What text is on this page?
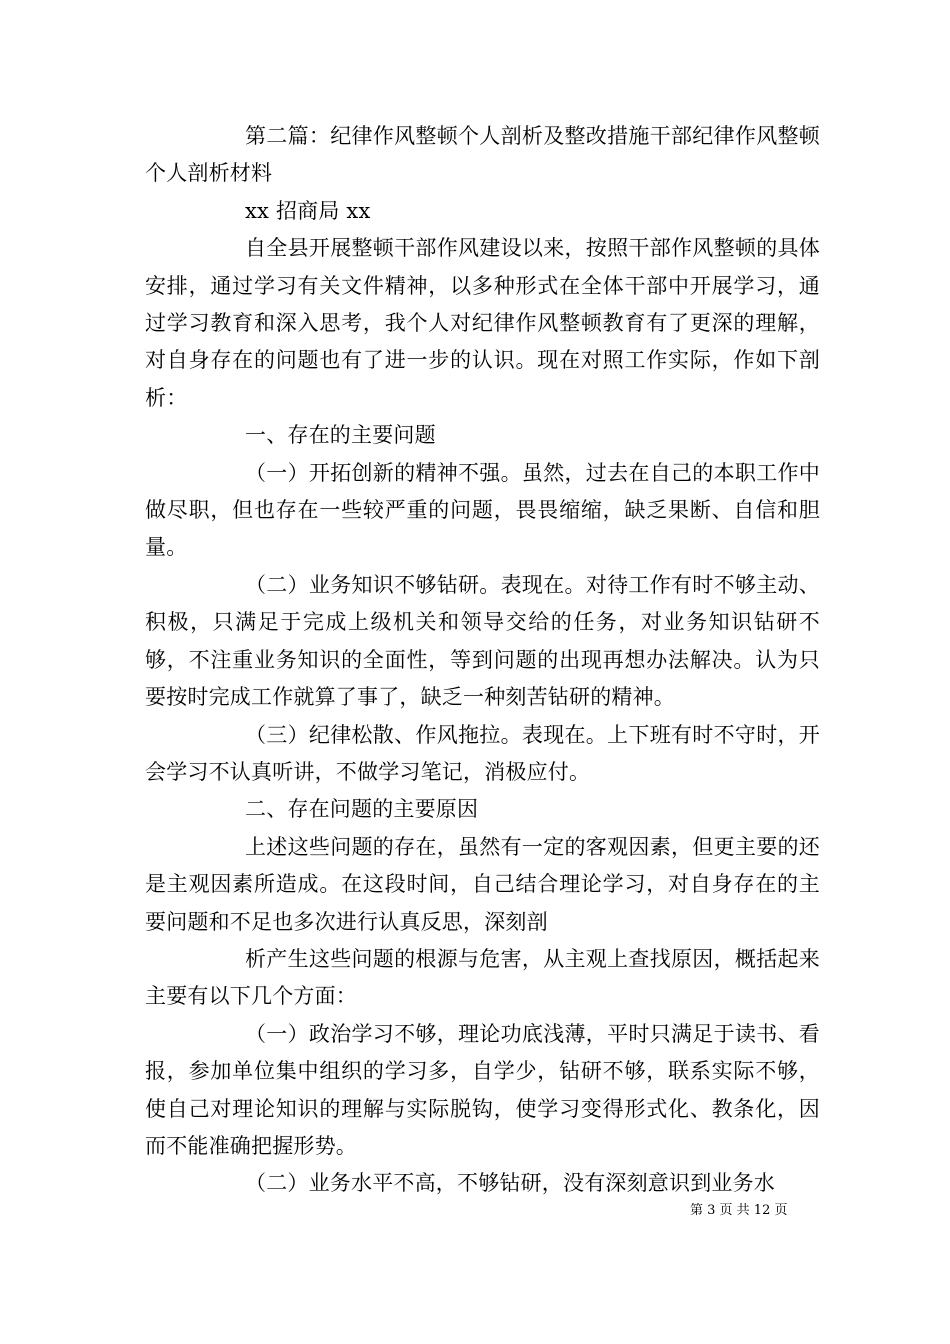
第二篇：纪律作风整顿个人剖析及整改措施干部纪律作风整顿个人剖析材料

xx 招商局 xx

自全县开展整顿干部作风建设以来，按照干部作风整顿的具体安排，通过学习有关文件精神，以多种形式在全体干部中开展学习，通过学习教育和深入思考，我个人对纪律作风整顿教育有了更深的理解，对自身存在的问题也有了进一步的认识。现在对照工作实际，作如下剖析：

一、存在的主要问题

（一）开拓创新的精神不强。虽然，过去在自己的本职工作中做尽职，但也存在一些较严重的问题，畏畏缩缩，缺乏果断、自信和胆量。

（二）业务知识不够钻研。表现在。对待工作有时不够主动、积极，只满足于完成上级机关和领导交给的任务，对业务知识钻研不够，不注重业务知识的全面性，等到问题的出现再想办法解决。认为只要按时完成工作就算了事了，缺乏一种刻苦钻研的精神。

（三）纪律松散、作风拖拉。表现在。上下班有时不守时，开会学习不认真听讲，不做学习笔记，消极应付。

二、存在问题的主要原因

上述这些问题的存在，虽然有一定的客观因素，但更主要的还是主观因素所造成。在这段时间，自己结合理论学习，对自身存在的主要问题和不足也多次进行认真反思，深刻剖

析产生这些问题的根源与危害，从主观上查找原因，概括起来主要有以下几个方面：

（一）政治学习不够，理论功底浅薄，平时只满足于读书、看报，参加单位集中组织的学习多，自学少，钻研不够，联系实际不够，使自己对理论知识的理解与实际脱钩，使学习变得形式化、教条化，因而不能准确把握形势。

（二）业务水平不高，不够钻研，没有深刻意识到业务水

第 3 页 共 12 页
